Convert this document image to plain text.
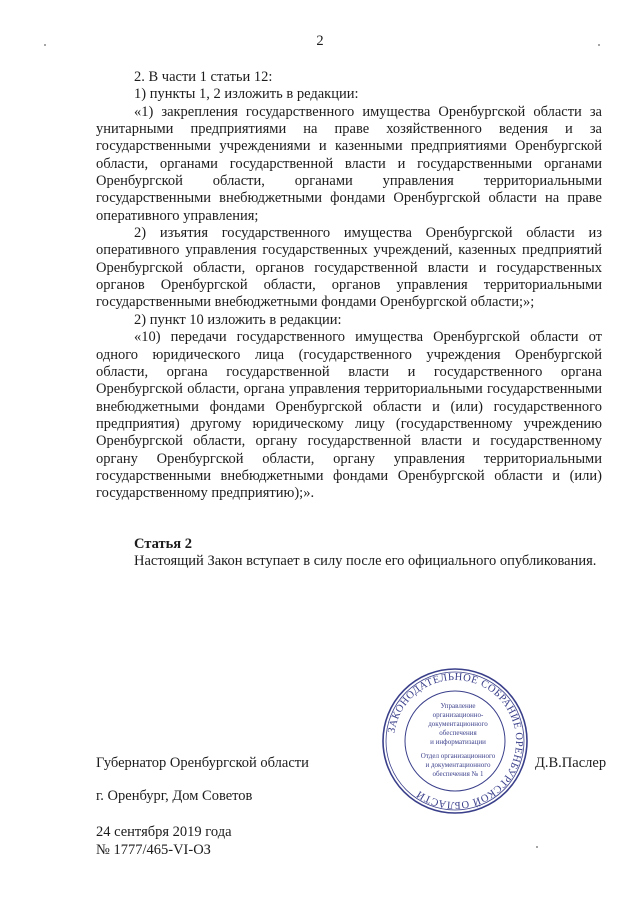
2

2. В части 1 статьи 12:

1) пункты 1, 2 изложить в редакции:

«1) закрепления государственного имущества Оренбургской области за унитарными предприятиями на праве хозяйственного ведения и за государственными учреждениями и казенными предприятиями Оренбургской области, органами государственной власти и государственными органами Оренбургской области, органами управления территориальными государственными внебюджетными фондами Оренбургской области на праве оперативного управления;

2) изъятия государственного имущества Оренбургской области из оперативного управления государственных учреждений, казенных предприятий Оренбургской области, органов государственной власти и государственных органов Оренбургской области, органов управления территориальными государственными внебюджетными фондами Оренбургской области;»;

2) пункт 10 изложить в редакции:

«10) передачи государственного имущества Оренбургской области от одного юридического лица (государственного учреждения Оренбургской области, органа государственной власти и государственного органа Оренбургской области, органа управления территориальными государственными внебюджетными фондами Оренбургской области и (или) государственного предприятия) другому юридическому лицу (государственному учреждению Оренбургской области, органу государственной власти и государственному органу Оренбургской области, органу управления территориальными государственными внебюджетными фондами Оренбургской области и (или) государственному предприятию);».

Статья 2

Настоящий Закон вступает в силу после его официального опубликования.

ЗАКОНОДАТЕЛЬНОЕ СОБРАНИЕ ОРЕНБУРГСКОЙ ОБЛАСТИ
Управление
организационно-
документационного
обеспечения
и информатизации
Отдел организационного
и документационного
обеспечения № 1
Губернатор Оренбургской области	Д.В.Паслер
г. Оренбург, Дом Советов
24 сентября 2019 года
№ 1777/465-VI-ОЗ
